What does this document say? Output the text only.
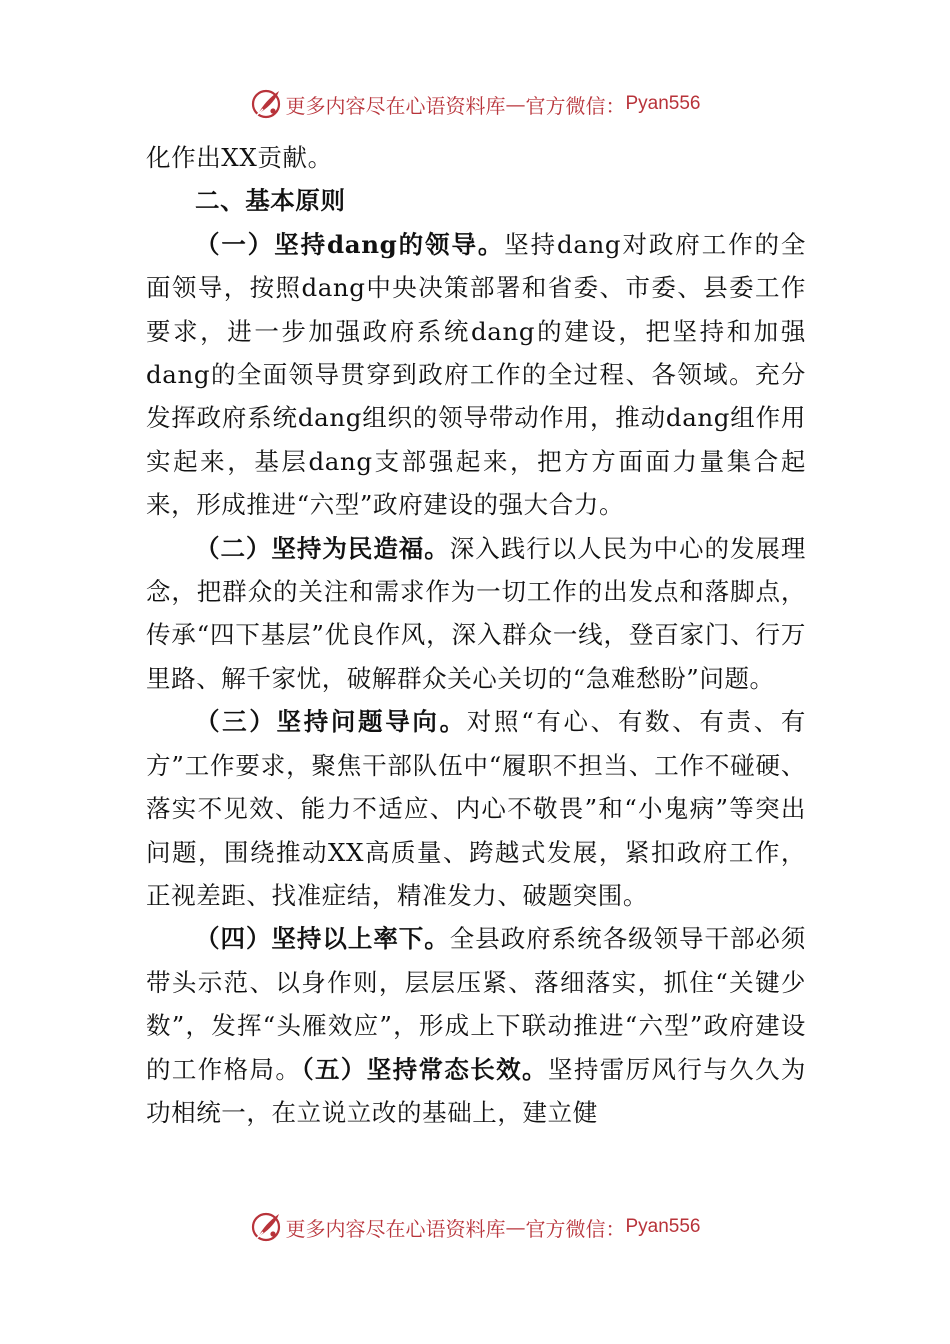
更多内容尽在心语资料库 — 官方微信： Pyan556

化作出XX贡献。

二、基本原则

（一）坚持dang的领导。坚持dang对政府工作的全面领导，按照dang中央决策部署和省委、市委、县委工作要求，进一步加强政府系统dang的建设，把坚持和加强dang的全面领导贯穿到政府工作的全过程、各领域。充分发挥政府系统dang组织的领导带动作用，推动dang组作用实起来，基层dang支部强起来，把方方面面力量集合起来，形成推进“六型”政府建设的强大合力。

（二）坚持为民造福。深入践行以人民为中心的发展理念，把群众的关注和需求作为一切工作的出发点和落脚点，传承“四下基层”优良作风，深入群众一线，登百家门、行万里路、解千家忧，破解群众关心关切的“急难愁盼”问题。

（三）坚持问题导向。对照“有心、有数、有责、有方”工作要求，聚焦干部队伍中“履职不担当、工作不碰硬、落实不见效、能力不适应、内心不敬畏”和“小鬼病”等突出问题，围绕推动XX高质量、跨越式发展，紧扣政府工作，正视差距、找准症结，精准发力、破题突围。

（四）坚持以上率下。全县政府系统各级领导干部必须带头示范、以身作则，层层压紧、落细落实，抓住“关键少数”，发挥“头雁效应”，形成上下联动推进“六型”政府建设的工作格局。（五）坚持常态长效。坚持雷厉风行与久久为功相统一，在立说立改的基础上，建立健

更多内容尽在心语资料库 — 官方微信： Pyan556
